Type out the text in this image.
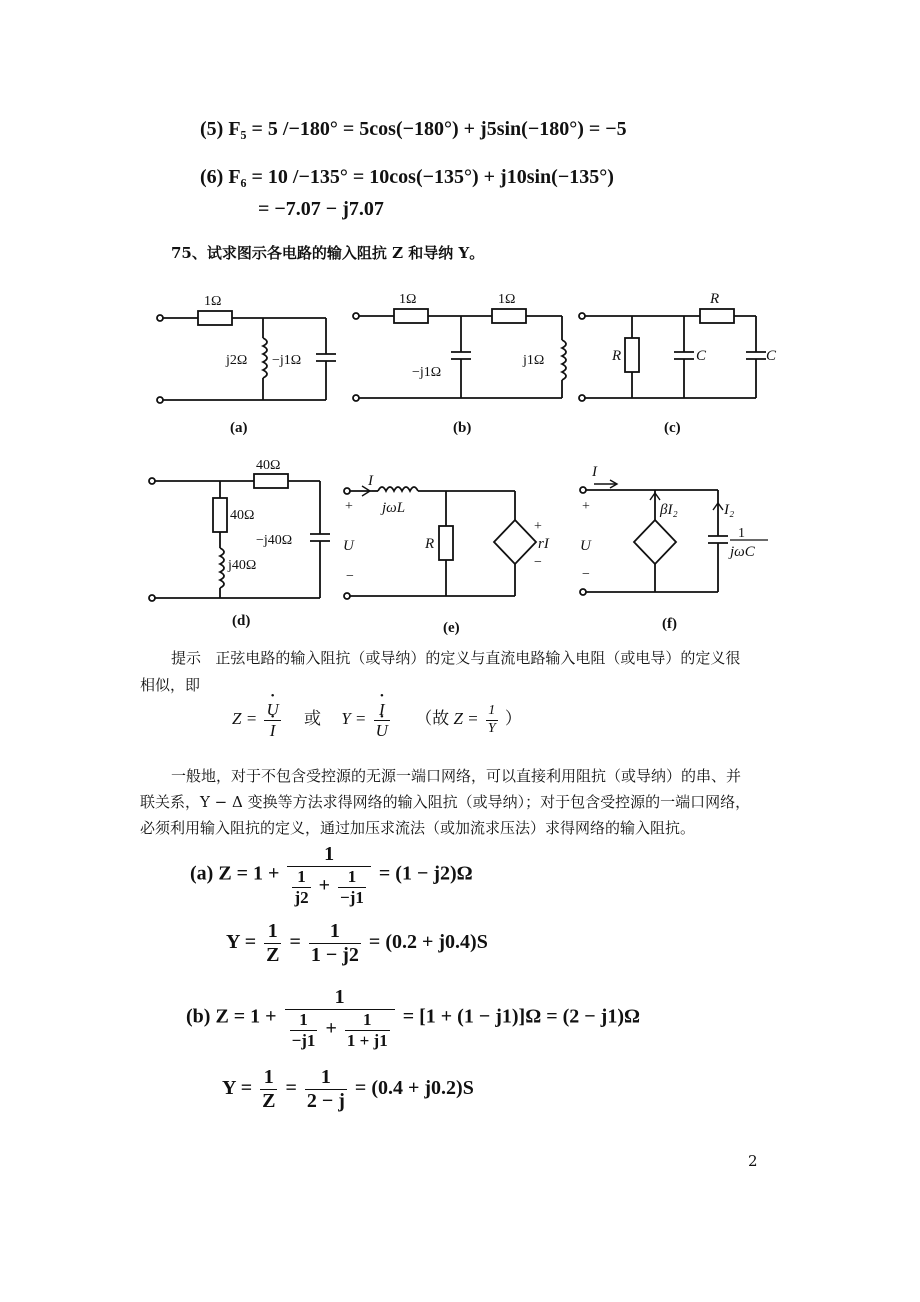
(5) F₅ = 5 /−180° = 5cos(−180°) + j5sin(−180°) = −5
(6) F₆ = 10 /−135° = 10cos(−135°) + j10sin(−135°)
= −7.07 − j7.07
75、试求图示各电路的输入阻抗 Z 和导纳 Y。
1Ω
j2Ω −j1Ω
(a)
1Ω	1Ω
−j1Ω
j1Ω
(b)
R
R	C	C
(c)
40Ω
40Ω
j40Ω
−j40Ω
(d)
I
jωL
+
U
−
R
+
rI
−
(e)
I
+
U
−
βI₂	I₂
1
jωC
(f)
提示 正弦电路的输入阻抗（或导纳）的定义与直流电路输入电阻（或电导）的定义很
相似，即
Z = • U
• I 或 Y = • I
• U （故 $Z = \frac{1}{Y}$ ）
一般地，对于不包含受控源的无源一端口网络，可以直接利用阻抗（或导纳）的串、并
联关系，Y − Δ 变换等方法求得网络的输入阻抗（或导纳）；对于包含受控源的一端口网络，
必须利用输入阻抗的定义，通过加压求流法（或加流求压法）求得网络的输入阻抗。
(a) $Z = 1 + \frac{1}{\frac{1}{j2} + \frac{1}{-j1}} = (1 - j2)\Omega$
$Y = \frac{1}{Z} = \frac{1}{1 - j2} = (0.2 + j0.4)S$
(b) $Z = 1 + \frac{1}{\frac{1}{-j1} + \frac{1}{1 + j1}} = [1 + (1 - j1)]\Omega = (2 - j1)\Omega$
$Y = \frac{1}{Z} = \frac{1}{2 - j} = (0.4 + j0.2)S$
2
